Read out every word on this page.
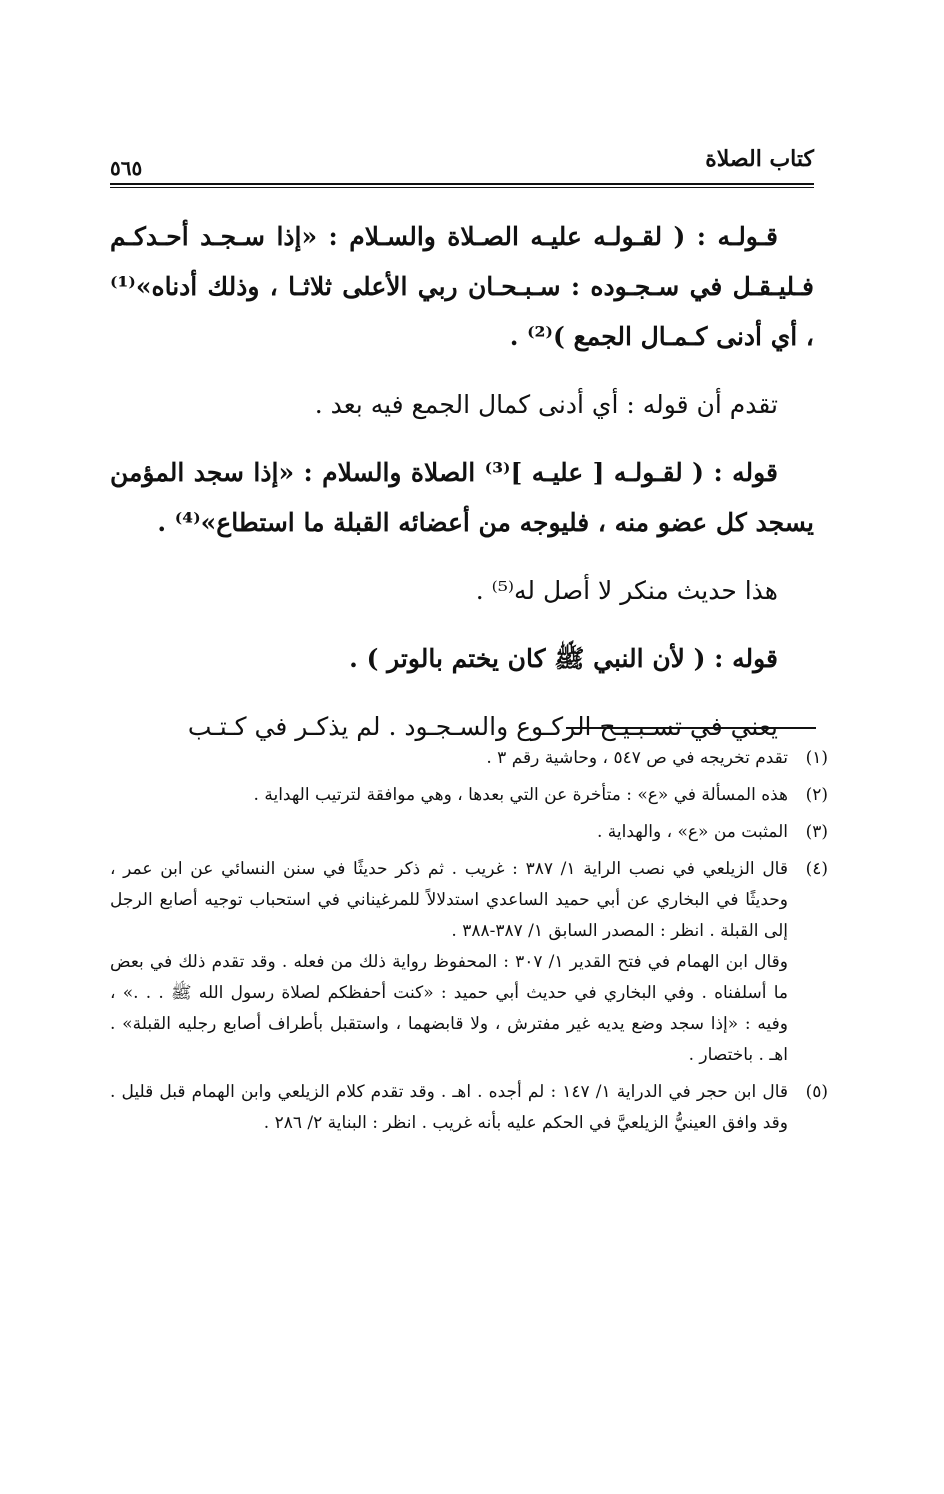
كتاب الصلاة
٥٦٥

قـولـه : ( لقـولـه عليـه الصـلاة والسـلام : «إذا سـجـد أحـدكـم فـليـقـل في سـجـوده : سـبـحـان ربي الأعلى ثلاثـا ، وذلك أدناه»⁽¹⁾ ، أي أدنى كـمـال الجمع )⁽²⁾ .

تقدم أن قوله : أي أدنى كمال الجمع فيه بعد .

قوله : ( لقـولـه [ عليـه ]⁽³⁾ الصلاة والسلام : «إذا سجد المؤمن يسجد كل عضو منه ، فليوجه من أعضائه القبلة ما استطاع»⁽⁴⁾ .

هذا حديث منكر لا أصل له⁽⁵⁾ .

قوله : ( لأن النبي ﷺ كان يختم بالوتر ) .

يعني في تسـبـيـح الركـوع والسـجـود . لم يذكـر في كـتـب

(١)

تقدم تخريجه في ص ٥٤٧ ، وحاشية رقم ٣ .

(٢)

هذه المسألة في «ع» : متأخرة عن التي بعدها ، وهي موافقة لترتيب الهداية .

(٣)

المثبت من «ع» ، والهداية .

(٤)

قال الزيلعي في نصب الراية ١/ ٣٨٧ : غريب . ثم ذكر حديثًا في سنن النسائي عن ابن عمر ، وحديثًا في البخاري عن أبي حميد الساعدي استدلالاً للمرغيناني في استحباب توجيه أصابع الرجل إلى القبلة . انظر : المصدر السابق ١/ ٣٨٧-٣٨٨ .

وقال ابن الهمام في فتح القدير ١/ ٣٠٧ : المحفوظ رواية ذلك من فعله . وقد تقدم ذلك في بعض ما أسلفناه . وفي البخاري في حديث أبي حميد : «كنت أحفظكم لصلاة رسول الله ﷺ . . .» ، وفيه : «إذا سجد وضع يديه غير مفترش ، ولا قابضهما ، واستقبل بأطراف أصابع رجليه القبلة» . اهـ . باختصار .

(٥)

قال ابن حجر في الدراية ١/ ١٤٧ : لم أجده . اهـ . وقد تقدم كلام الزيلعي وابن الهمام قبل قليل . وقد وافق العينيُّ الزيلعيَّ في الحكم عليه بأنه غريب . انظر : البناية ٢/ ٢٨٦ .
